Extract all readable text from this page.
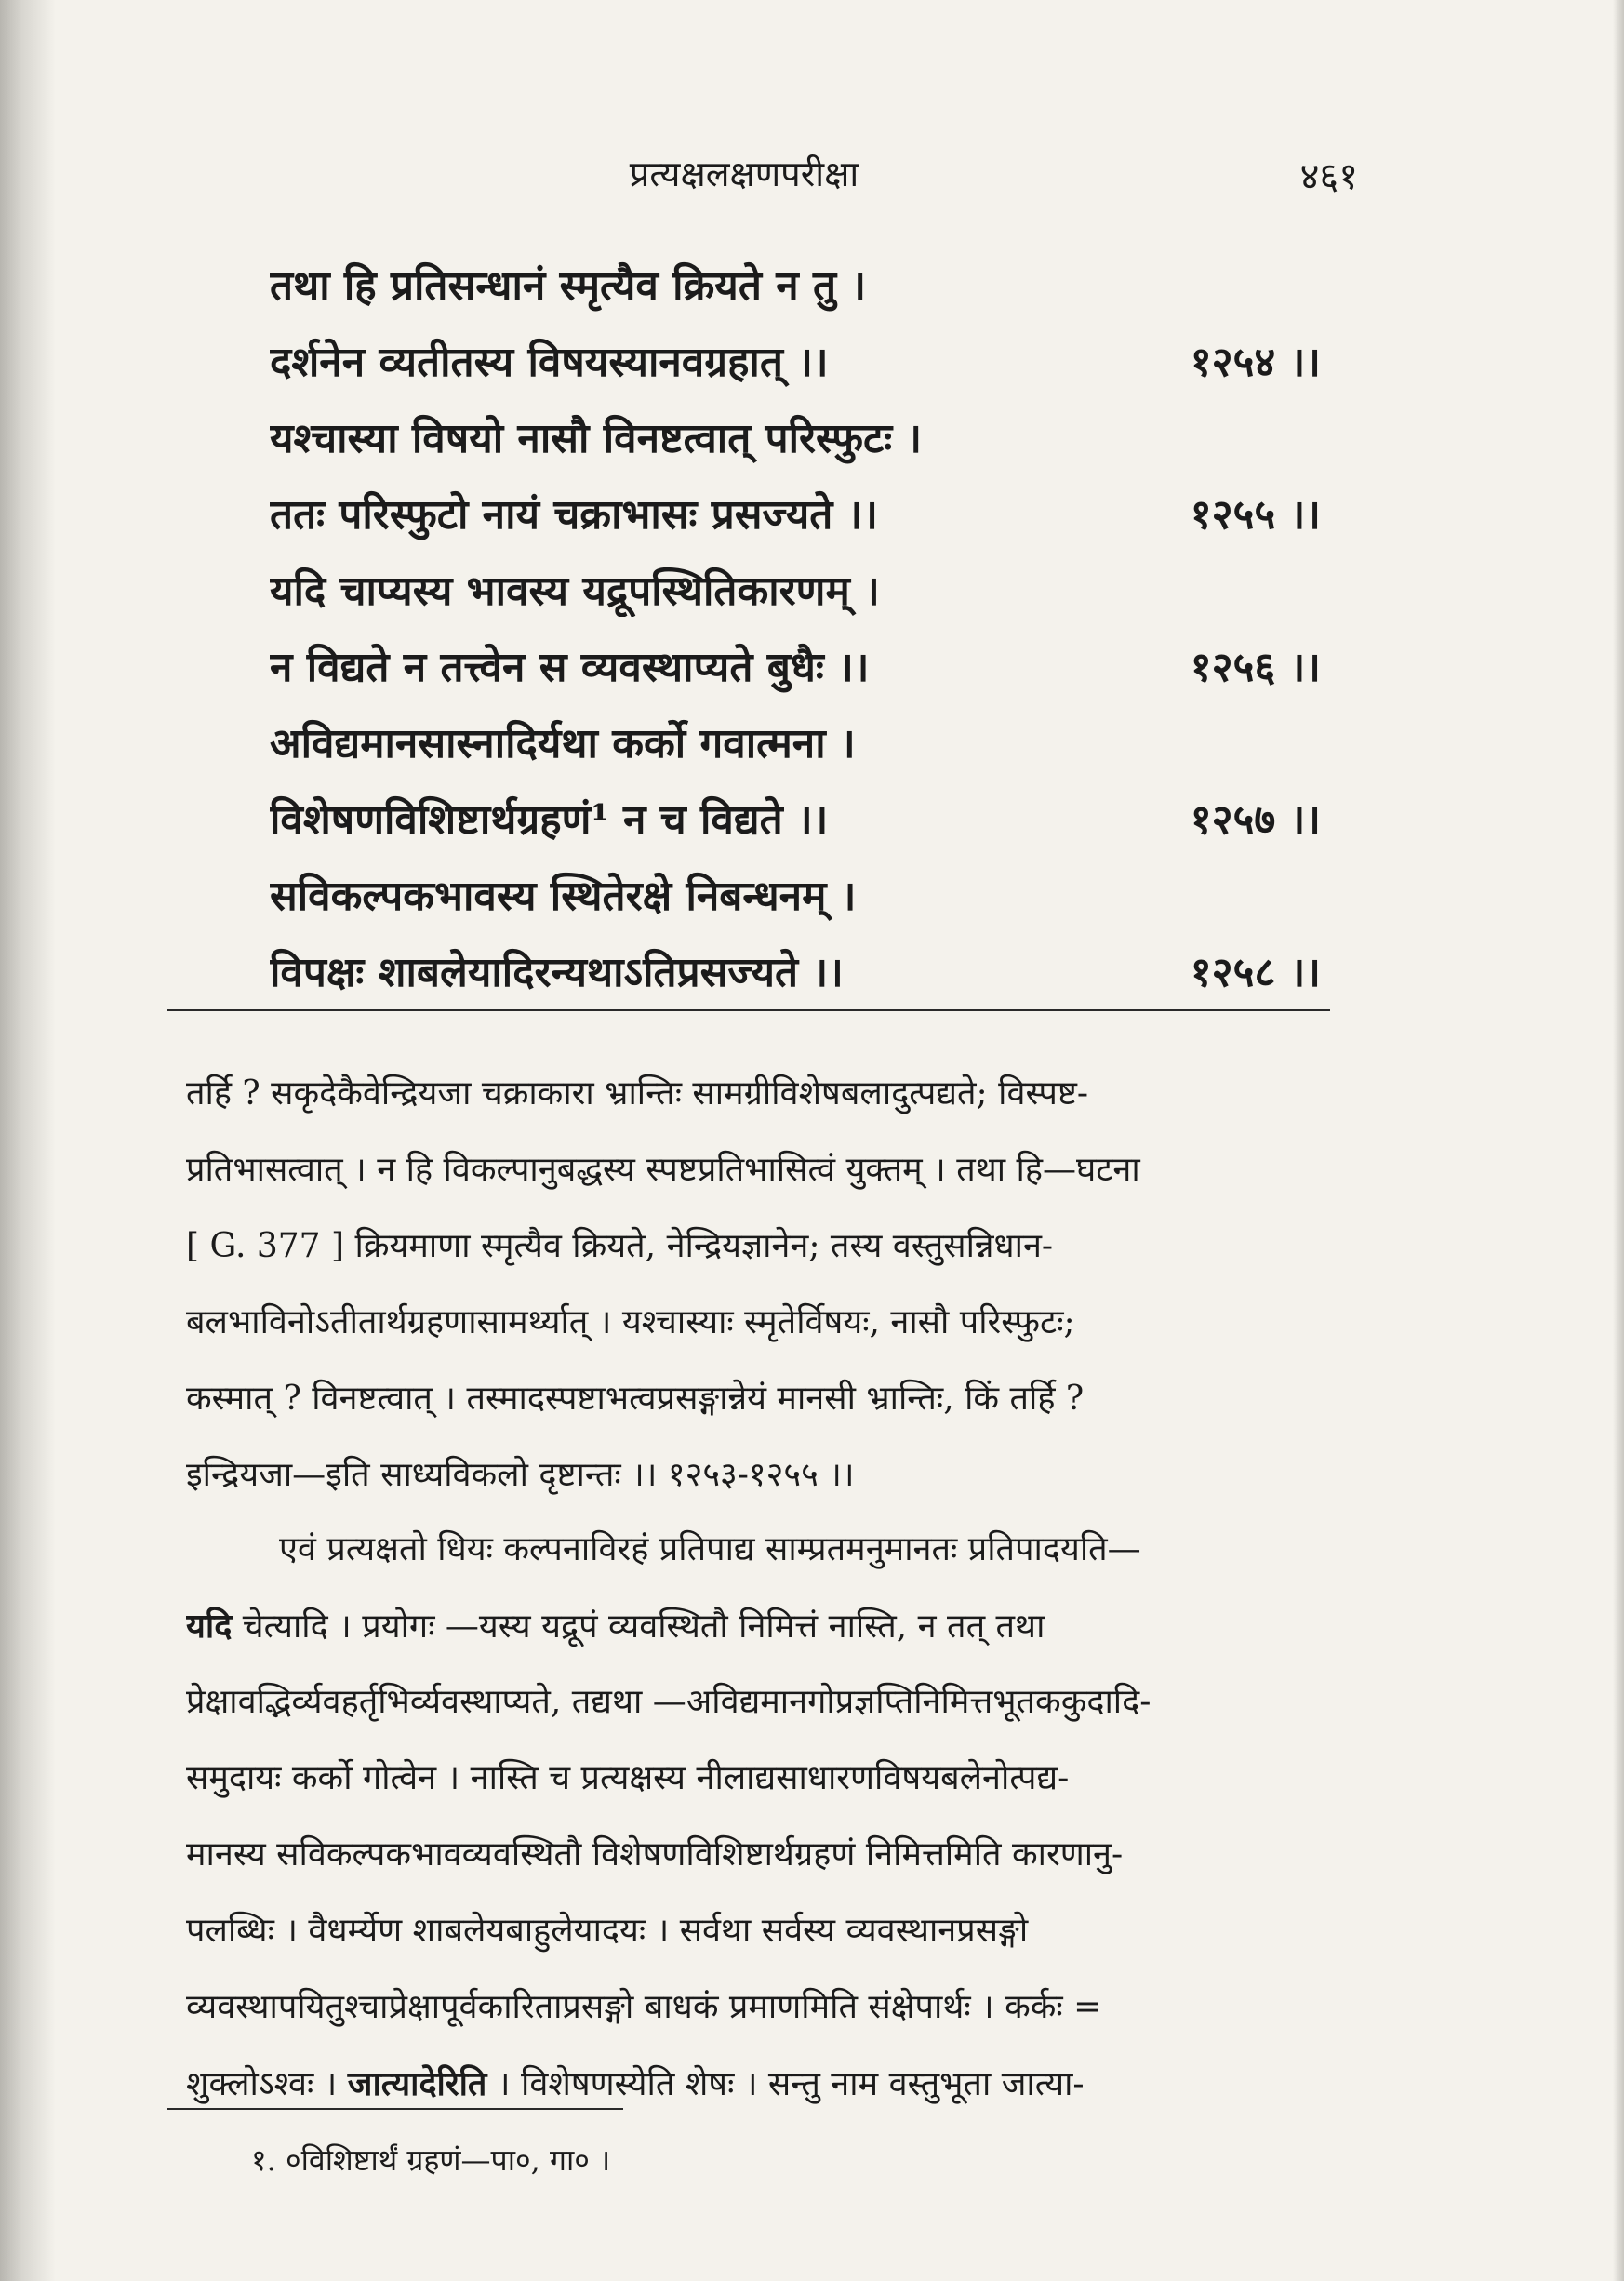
प्रत्यक्षलक्षणपरीक्षा	४६१
तथा हि प्रतिसन्धानं स्मृत्यैव क्रियते न तु ।
दर्शनेन व्यतीतस्य विषयस्यानवग्रहात् ।।	१२५४ ।।
यश्चास्या विषयो नासौ विनष्टत्वात् परिस्फुटः ।
ततः परिस्फुटो नायं चक्राभासः प्रसज्यते ।।	१२५५ ।।
यदि चाप्यस्य भावस्य यद्रूपस्थितिकारणम् ।
न विद्यते न तत्त्वेन स व्यवस्थाप्यते बुधैः ।।	१२५६ ।।
अविद्यमानसास्नादिर्यथा कर्को गवात्मना ।
विशेषणविशिष्टार्थग्रहणं¹ न च विद्यते ।।	१२५७ ।।
सविकल्पकभावस्य स्थितेरक्षे निबन्धनम् ।
विपक्षः शाबलेयादिरन्यथाऽतिप्रसज्यते ।।	१२५८ ।।
तर्हि ? सकृदेकैवेन्द्रियजा चक्राकारा भ्रान्तिः सामग्रीविशेषबलादुत्पद्यते; विस्पष्ट-
प्रतिभासत्वात् । न हि विकल्पानुबद्धस्य स्पष्टप्रतिभासित्वं युक्तम् । तथा हि—घटना
[ G. 377 ] क्रियमाणा स्मृत्यैव क्रियते, नेन्द्रियज्ञानेन; तस्य वस्तुसन्निधान-
बलभाविनोऽतीतार्थग्रहणासामर्थ्यात् । यश्चास्याः स्मृतेर्विषयः, नासौ परिस्फुटः;
कस्मात् ? विनष्टत्वात् । तस्मादस्पष्टाभत्वप्रसङ्गान्नेयं मानसी भ्रान्तिः, किं तर्हि ?
इन्द्रियजा—इति साध्यविकलो दृष्टान्तः ।। १२५३-१२५५ ।।
एवं प्रत्यक्षतो धियः कल्पनाविरहं प्रतिपाद्य साम्प्रतमनुमानतः प्रतिपादयति—
यदि चेत्यादि । प्रयोगः —यस्य यद्रूपं व्यवस्थितौ निमित्तं नास्ति, न तत् तथा
प्रेक्षावद्भिर्व्यवहर्तृभिर्व्यवस्थाप्यते, तद्यथा —अविद्यमानगोप्रज्ञप्तिनिमित्तभूतककुदादि-
समुदायः कर्को गोत्वेन । नास्ति च प्रत्यक्षस्य नीलाद्यसाधारणविषयबलेनोत्पद्य-
मानस्य सविकल्पकभावव्यवस्थितौ विशेषणविशिष्टार्थग्रहणं निमित्तमिति कारणानु-
पलब्धिः । वैधर्म्येण शाबलेयबाहुलेयादयः । सर्वथा सर्वस्य व्यवस्थानप्रसङ्गो
व्यवस्थापयितुश्चाप्रेक्षापूर्वकारिताप्रसङ्गो बाधकं प्रमाणमिति संक्षेपार्थः । कर्कः =
शुक्लोऽश्वः । जात्यादेरिति । विशेषणस्येति शेषः । सन्तु नाम वस्तुभूता जात्या-
१. ०विशिष्टार्थं ग्रहणं—पा०, गा० ।
